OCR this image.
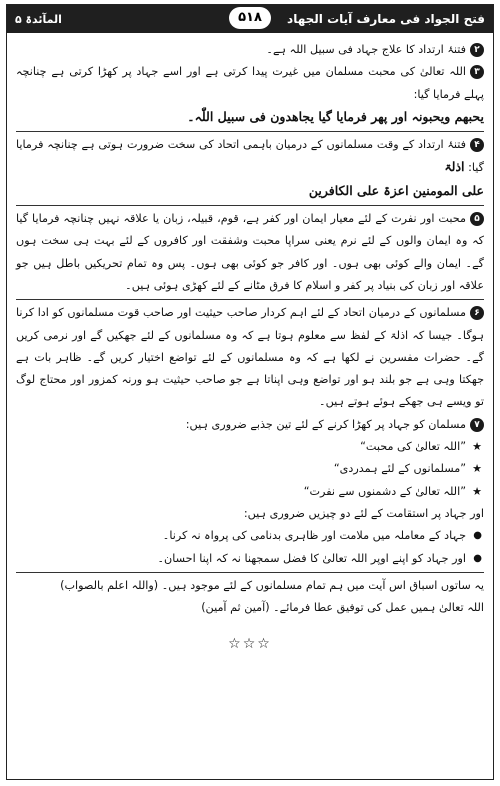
المآئدۃ ۵	۵۱۸	فتح الجواد فی معارف آیات الجهاد

۲فتنۂ ارتداد کا علاج جہاد فی سبیل اللہ ہے۔

۳اللہ تعالیٰ کی محبت مسلمان میں غیرت پیدا کرتی ہے اور اسے جہاد پر کھڑا کرتی ہے چنانچہ پہلے فرمایا گیا:

یحبھم ویحبونہ اور پھر فرمایا گیا یجاھدون فی سبیل اللّٰہ۔

۴فتنۂ ارتداد کے وقت مسلمانوں کے درمیان باہمی اتحاد کی سخت ضرورت ہوتی ہے چنانچہ فرمایا گیا: اذلۃ

علی المومنین اعزۃ علی الکافرین

۵محبت اور نفرت کے لئے معیار ایمان اور کفر ہے، قوم، قبیلہ، زبان یا علاقہ نہیں چنانچہ فرمایا گیا کہ وہ ایمان والوں کے لئے نرم یعنی سراپا محبت وشفقت اور کافروں کے لئے بہت ہی سخت ہوں گے۔ ایمان والے کوئی بھی ہوں۔ اور کافر جو کوئی بھی ہوں۔ پس وہ تمام تحریکیں باطل ہیں جو علاقہ اور زبان کی بنیاد پر کفر و اسلام کا فرق مٹانے کے لئے کھڑی ہوئی ہیں۔

۶مسلمانوں کے درمیان اتحاد کے لئے اہم کردار صاحب حیثیت اور صاحب قوت مسلمانوں کو ادا کرنا ہوگا۔ جیسا کہ اذلۃ کے لفظ سے معلوم ہوتا ہے کہ وہ مسلمانوں کے لئے جھکیں گے اور نرمی کریں گے۔ حضرات مفسرین نے لکھا ہے کہ وہ مسلمانوں کے لئے تواضع اختیار کریں گے۔ ظاہر بات ہے جھکتا وہی ہے جو بلند ہو اور تواضع وہی اپناتا ہے جو صاحب حیثیت ہو ورنہ کمزور اور محتاج لوگ تو ویسے ہی جھکے ہوئے ہوتے ہیں۔

۷مسلمان کو جہاد پر کھڑا کرنے کے لئے تین جذبے ضروری ہیں:

★
”اللہ تعالیٰ کی محبت“

★
”مسلمانوں کے لئے ہمدردی“

★
”اللہ تعالیٰ کے دشمنوں سے نفرت“

اور جہاد پر استقامت کے لئے دو چیزیں ضروری ہیں:

●
جہاد کے معاملہ میں ملامت اور ظاہری بدنامی کی پرواہ نہ کرنا۔

●
اور جہاد کو اپنے اوپر اللہ تعالیٰ کا فضل سمجھنا نہ کہ اپنا احسان۔

یہ ساتوں اسباق اس آیت میں ہم تمام مسلمانوں کے لئے موجود ہیں۔ (واللہ اعلم بالصواب)

اللہ تعالیٰ ہمیں عمل کی توفیق عطا فرمائے۔ (آمین ثم آمین)

☆☆☆
